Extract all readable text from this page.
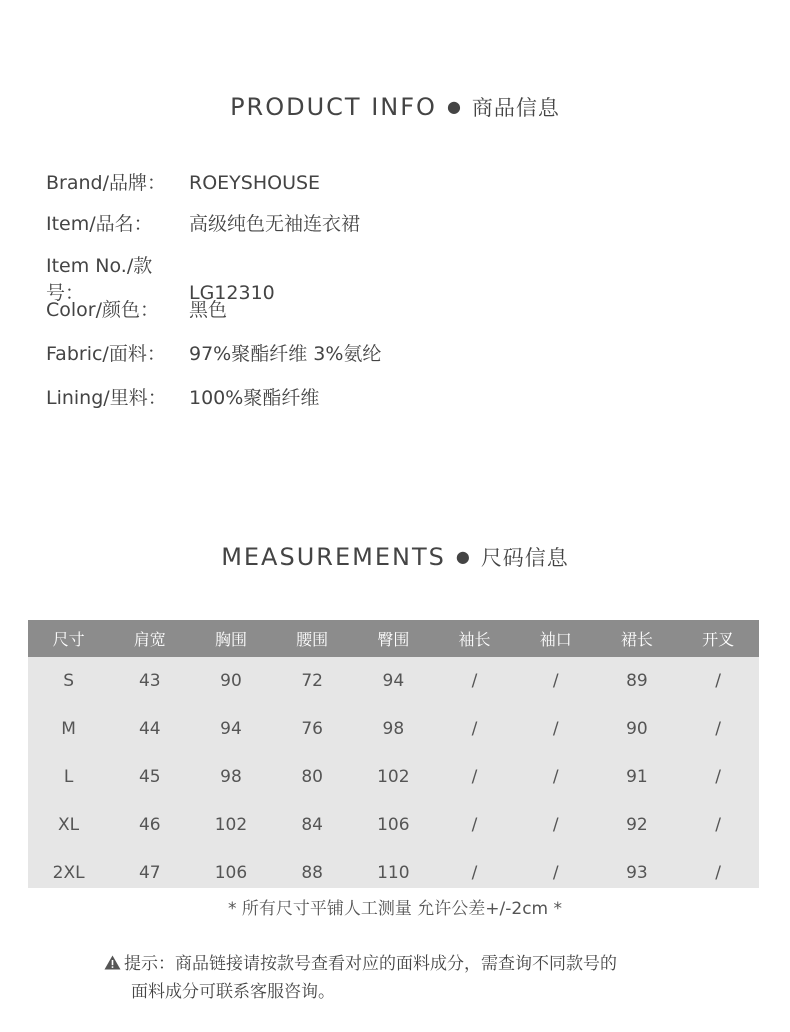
PRODUCT INFO ● 商品信息
Brand/品牌： ROEYSHOUSE
Item/品名： 高级纯色无袖连衣裙
Item No./款号：	LG12310
Color/颜色： 黑色
Fabric/面料： 97%聚酯纤维 3%氨纶
Lining/里料： 100%聚酯纤维
MEASUREMENTS ● 尺码信息
尺寸	肩宽	胸围	腰围	臀围	袖长	袖口	裙长	开叉
S	43	90	72	94	/	/	89	/
M	44	94	76	98	/	/	90	/
L	45	98	80	102	/	/	91	/
XL	46	102	84	106	/	/	92	/
2XL	47	106	88	110	/	/	93	/
* 所有尺寸平铺人工测量 允许公差+/-2cm *
提示：商品链接请按款号查看对应的面料成分，需查询不同款号的
面料成分可联系客服咨询。
